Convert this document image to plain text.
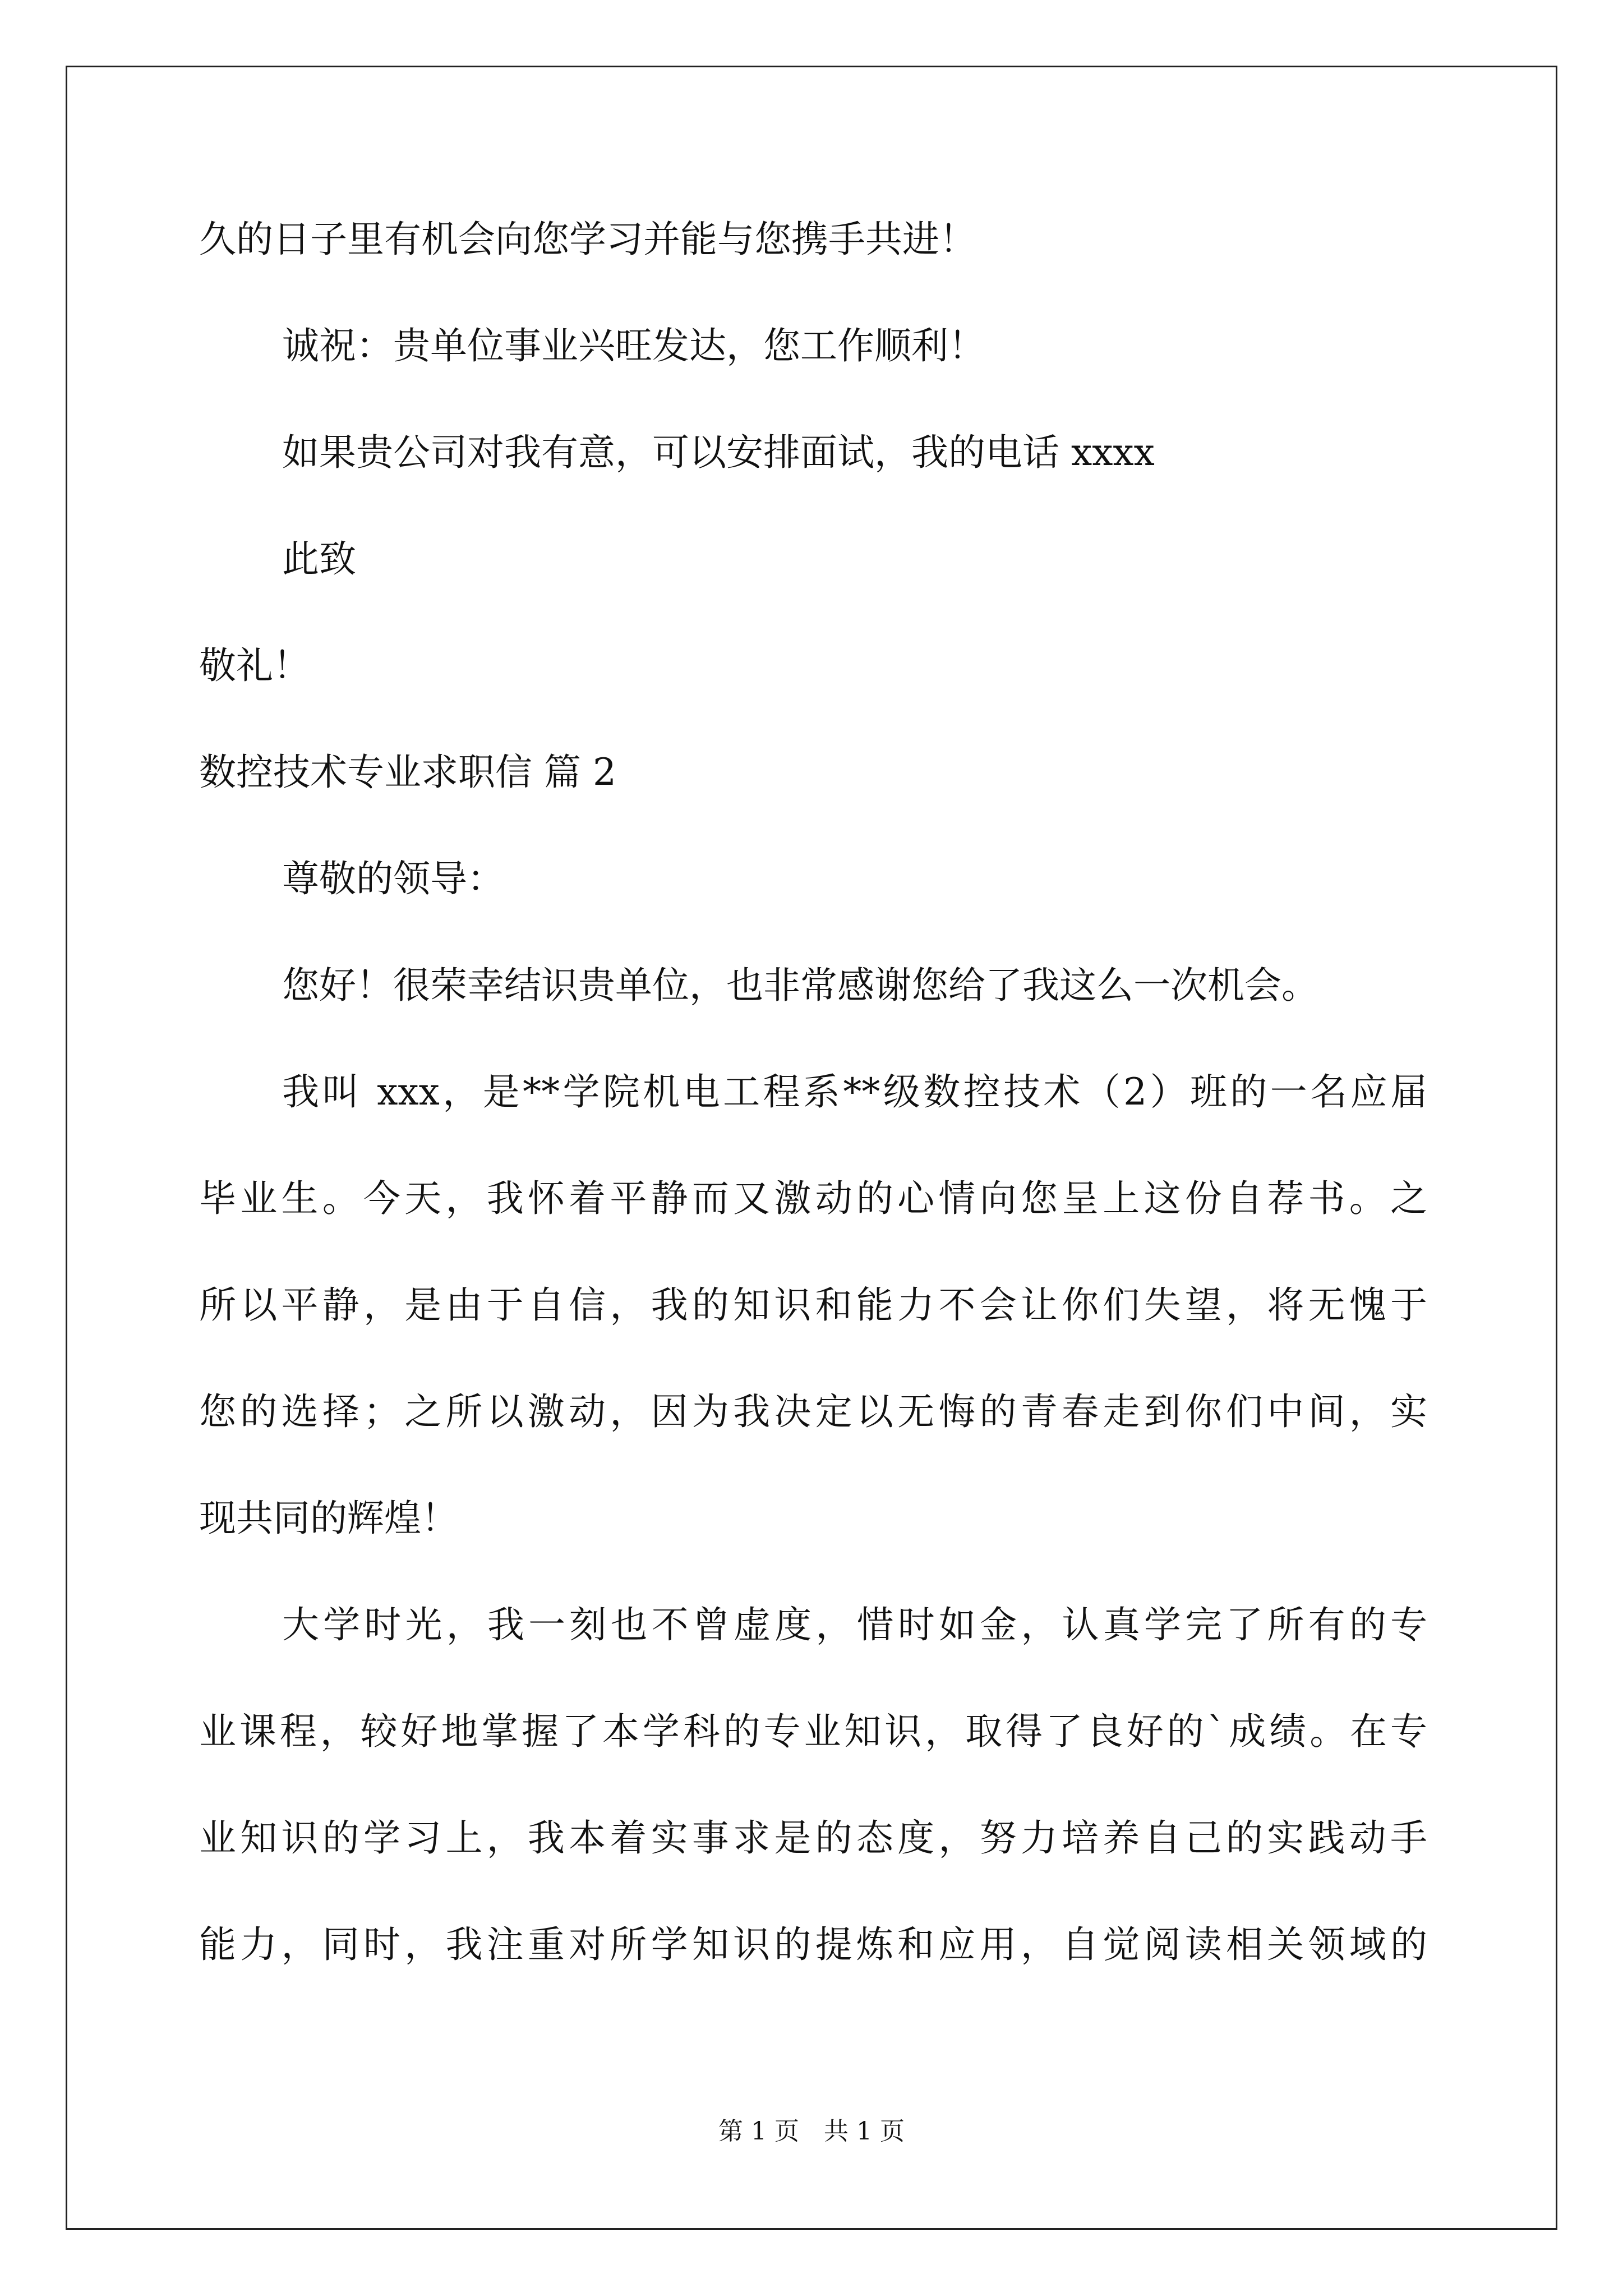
久的日子里有机会向您学习并能与您携手共进！

诚祝：贵单位事业兴旺发达，您工作顺利！

如果贵公司对我有意，可以安排面试，我的电话 xxxx

此致

敬礼！

数控技术专业求职信 篇 2

尊敬的领导：

您好！很荣幸结识贵单位，也非常感谢您给了我这么一次机会。

我叫 xxx，是**学院机电工程系**级数控技术（2）班的一名应届

毕业生。今天，我怀着平静而又激动的心情向您呈上这份自荐书。之

所以平静，是由于自信，我的知识和能力不会让你们失望，将无愧于

您的选择；之所以激动，因为我决定以无悔的青春走到你们中间，实

现共同的辉煌！

大学时光，我一刻也不曾虚度，惜时如金，认真学完了所有的专

业课程，较好地掌握了本学科的专业知识，取得了良好的`成绩。在专

业知识的学习上，我本着实事求是的态度，努力培养自己的实践动手

能力，同时，我注重对所学知识的提炼和应用，自觉阅读相关领域的

第 1 页　共 1 页
